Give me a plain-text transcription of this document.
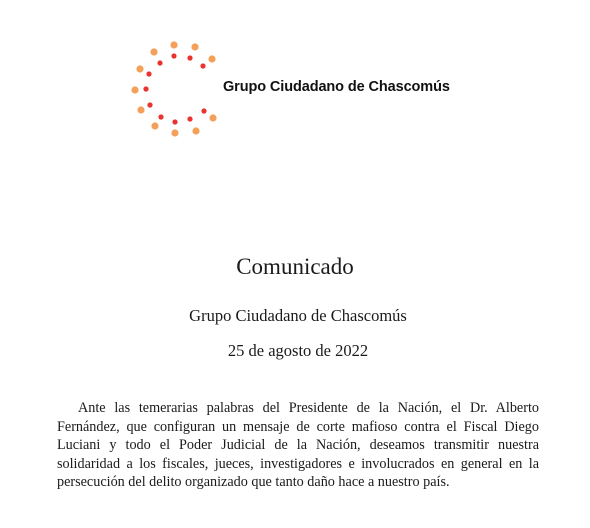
Grupo Ciudadano de Chascomús
Comunicado
Grupo Ciudadano de Chascomús
25 de agosto de 2022

Ante las temerarias palabras del Presidente de la Nación, el Dr. Alberto Fernández, que configuran un mensaje de corte mafioso contra el Fiscal Diego Luciani y todo el Poder Judicial de la Nación, deseamos transmitir nuestra solidaridad a los fiscales, jueces, investigadores e involucrados en general en la persecución del delito organizado que tanto daño hace a nuestro país.
